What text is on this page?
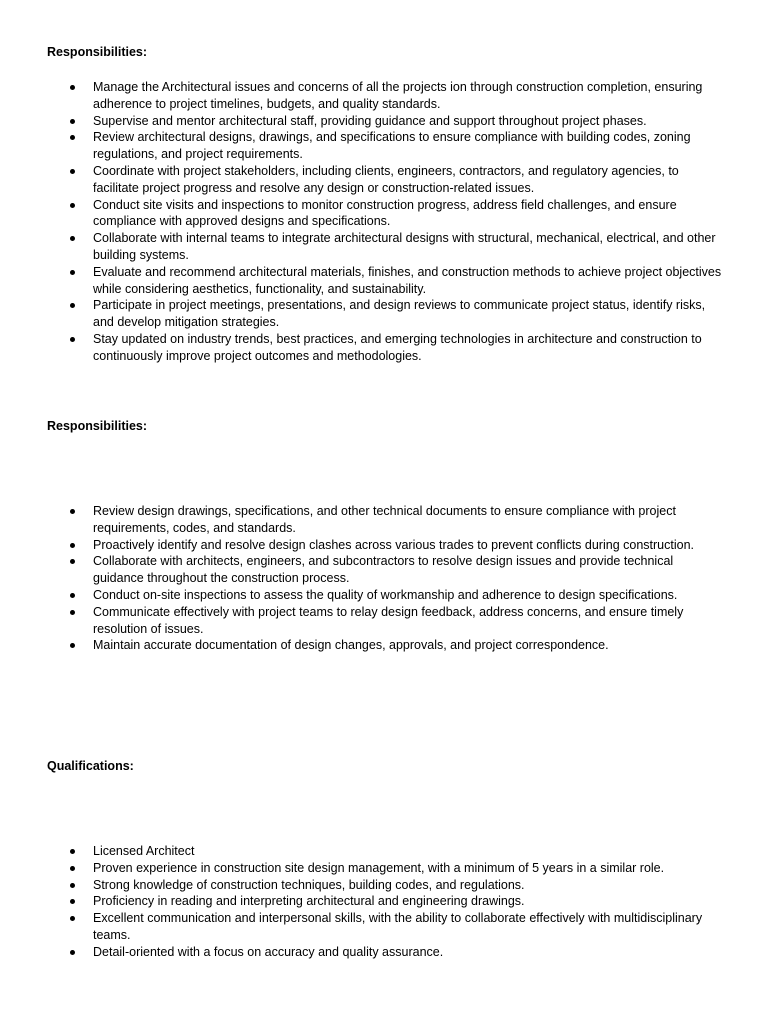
Responsibilities:
Manage the Architectural issues and concerns of all the projects ion through construction completion, ensuring adherence to project timelines, budgets, and quality standards.
Supervise and mentor architectural staff, providing guidance and support throughout project phases.
Review architectural designs, drawings, and specifications to ensure compliance with building codes, zoning regulations, and project requirements.
Coordinate with project stakeholders, including clients, engineers, contractors, and regulatory agencies, to facilitate project progress and resolve any design or construction-related issues.
Conduct site visits and inspections to monitor construction progress, address field challenges, and ensure compliance with approved designs and specifications.
Collaborate with internal teams to integrate architectural designs with structural, mechanical, electrical, and other building systems.
Evaluate and recommend architectural materials, finishes, and construction methods to achieve project objectives while considering aesthetics, functionality, and sustainability.
Participate in project meetings, presentations, and design reviews to communicate project status, identify risks, and develop mitigation strategies.
Stay updated on industry trends, best practices, and emerging technologies in architecture and construction to continuously improve project outcomes and methodologies.
Responsibilities:
Review design drawings, specifications, and other technical documents to ensure compliance with project requirements, codes, and standards.
Proactively identify and resolve design clashes across various trades to prevent conflicts during construction.
Collaborate with architects, engineers, and subcontractors to resolve design issues and provide technical guidance throughout the construction process.
Conduct on-site inspections to assess the quality of workmanship and adherence to design specifications.
Communicate effectively with project teams to relay design feedback, address concerns, and ensure timely resolution of issues.
Maintain accurate documentation of design changes, approvals, and project correspondence.
Qualifications:
Licensed Architect
Proven experience in construction site design management, with a minimum of 5 years in a similar role.
Strong knowledge of construction techniques, building codes, and regulations.
Proficiency in reading and interpreting architectural and engineering drawings.
Excellent communication and interpersonal skills, with the ability to collaborate effectively with multidisciplinary teams.
Detail-oriented with a focus on accuracy and quality assurance.
